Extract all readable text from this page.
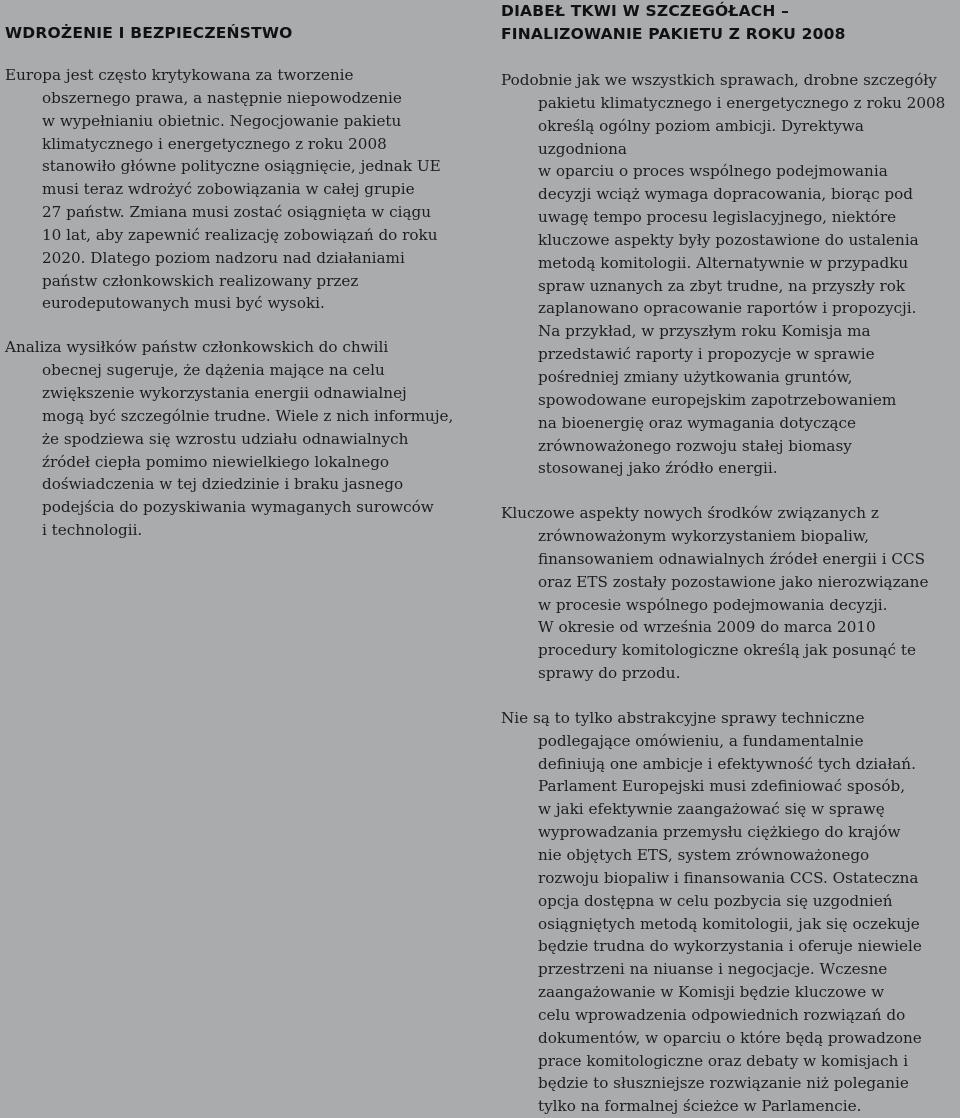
WDROŻENIE I BEZPIECZEŃSTWO

Europa jest często krytykowana za tworzenie
obszernego prawa, a następnie niepowodzenie
w wypełnianiu obietnic. Negocjowanie pakietu
klimatycznego i energetycznego z roku 2008
stanowiło główne polityczne osiągnięcie, jednak UE
musi teraz wdrożyć zobowiązania w całej grupie
27 państw. Zmiana musi zostać osiągnięta w ciągu
10 lat, aby zapewnić realizację zobowiązań do roku
2020. Dlatego poziom nadzoru nad działaniami
państw członkowskich realizowany przez
eurodeputowanych musi być wysoki.

Analiza wysiłków państw członkowskich do chwili
obecnej sugeruje, że dążenia mające na celu
zwiększenie wykorzystania energii odnawialnej
mogą być szczególnie trudne. Wiele z nich informuje,
że spodziewa się wzrostu udziału odnawialnych
źródeł ciepła pomimo niewielkiego lokalnego
doświadczenia w tej dziedzinie i braku jasnego
podejścia do pozyskiwania wymaganych surowców
i technologii.

DIABEŁ TKWI W SZCZEGÓŁACH –
FINALIZOWANIE PAKIETU Z ROKU 2008

Podobnie jak we wszystkich sprawach, drobne szczegóły
pakietu klimatycznego i energetycznego z roku 2008
określą ogólny poziom ambicji. Dyrektywa uzgodniona
w oparciu o proces wspólnego podejmowania
decyzji wciąż wymaga dopracowania, biorąc pod
uwagę tempo procesu legislacyjnego, niektóre
kluczowe aspekty były pozostawione do ustalenia
metodą komitologii. Alternatywnie w przypadku
spraw uznanych za zbyt trudne, na przyszły rok
zaplanowano opracowanie raportów i propozycji.
Na przykład, w przyszłym roku Komisja ma
przedstawić raporty i propozycje w sprawie
pośredniej zmiany użytkowania gruntów,
spowodowane europejskim zapotrzebowaniem
na bioenergię oraz wymagania dotyczące
zrównoważonego rozwoju stałej biomasy
stosowanej jako źródło energii.

Kluczowe aspekty nowych środków związanych z
zrównoważonym wykorzystaniem biopaliw,
finansowaniem odnawialnych źródeł energii i CCS
oraz ETS zostały pozostawione jako nierozwiązane
w procesie wspólnego podejmowania decyzji.
W okresie od września 2009 do marca 2010
procedury komitologiczne określą jak posunąć te
sprawy do przodu.

Nie są to tylko abstrakcyjne sprawy techniczne
podlegające omówieniu, a fundamentalnie
definiują one ambicje i efektywność tych działań.
Parlament Europejski musi zdefiniować sposób,
w jaki efektywnie zaangażować się w sprawę
wyprowadzania przemysłu ciężkiego do krajów
nie objętych ETS, system zrównoważonego
rozwoju biopaliw i finansowania CCS. Ostateczna
opcja dostępna w celu pozbycia się uzgodnień
osiągniętych metodą komitologii, jak się oczekuje
będzie trudna do wykorzystania i oferuje niewiele
przestrzeni na niuanse i negocjacje. Wczesne
zaangażowanie w Komisji będzie kluczowe w
celu wprowadzenia odpowiednich rozwiązań do
dokumentów, w oparciu o które będą prowadzone
prace komitologiczne oraz debaty w komisjach i
będzie to słuszniejsze rozwiązanie niż poleganie
tylko na formalnej ścieżce w Parlamencie.
